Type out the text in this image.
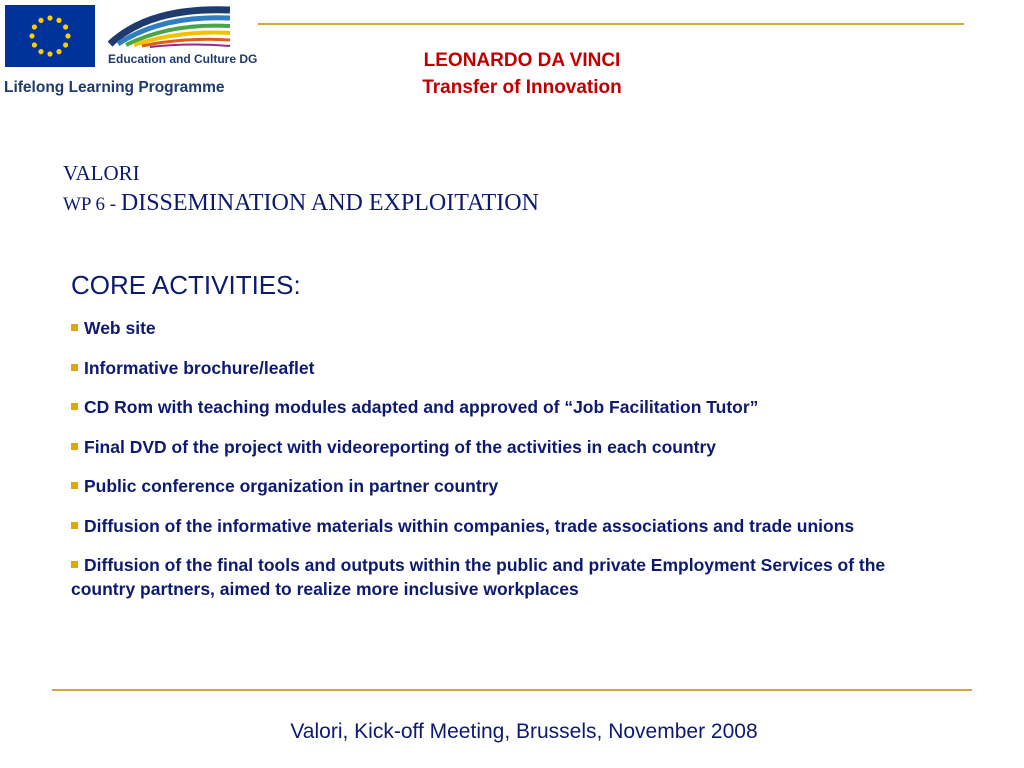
Education and Culture DG
Lifelong Learning Programme
LEONARDO DA VINCI
Transfer of Innovation
VALORI
WP 6 - DISSEMINATION AND EXPLOITATION
CORE ACTIVITIES:
Web site
Informative brochure/leaflet
CD Rom with teaching modules adapted and approved of “Job Facilitation Tutor”
Final DVD of the project with videoreporting of the activities in each country
Public conference organization in partner country
Diffusion of the informative materials within companies, trade associations and trade unions
Diffusion of the final tools and outputs within the public and private Employment Services of the country partners, aimed to realize more inclusive workplaces
Valori, Kick-off Meeting, Brussels, November 2008
